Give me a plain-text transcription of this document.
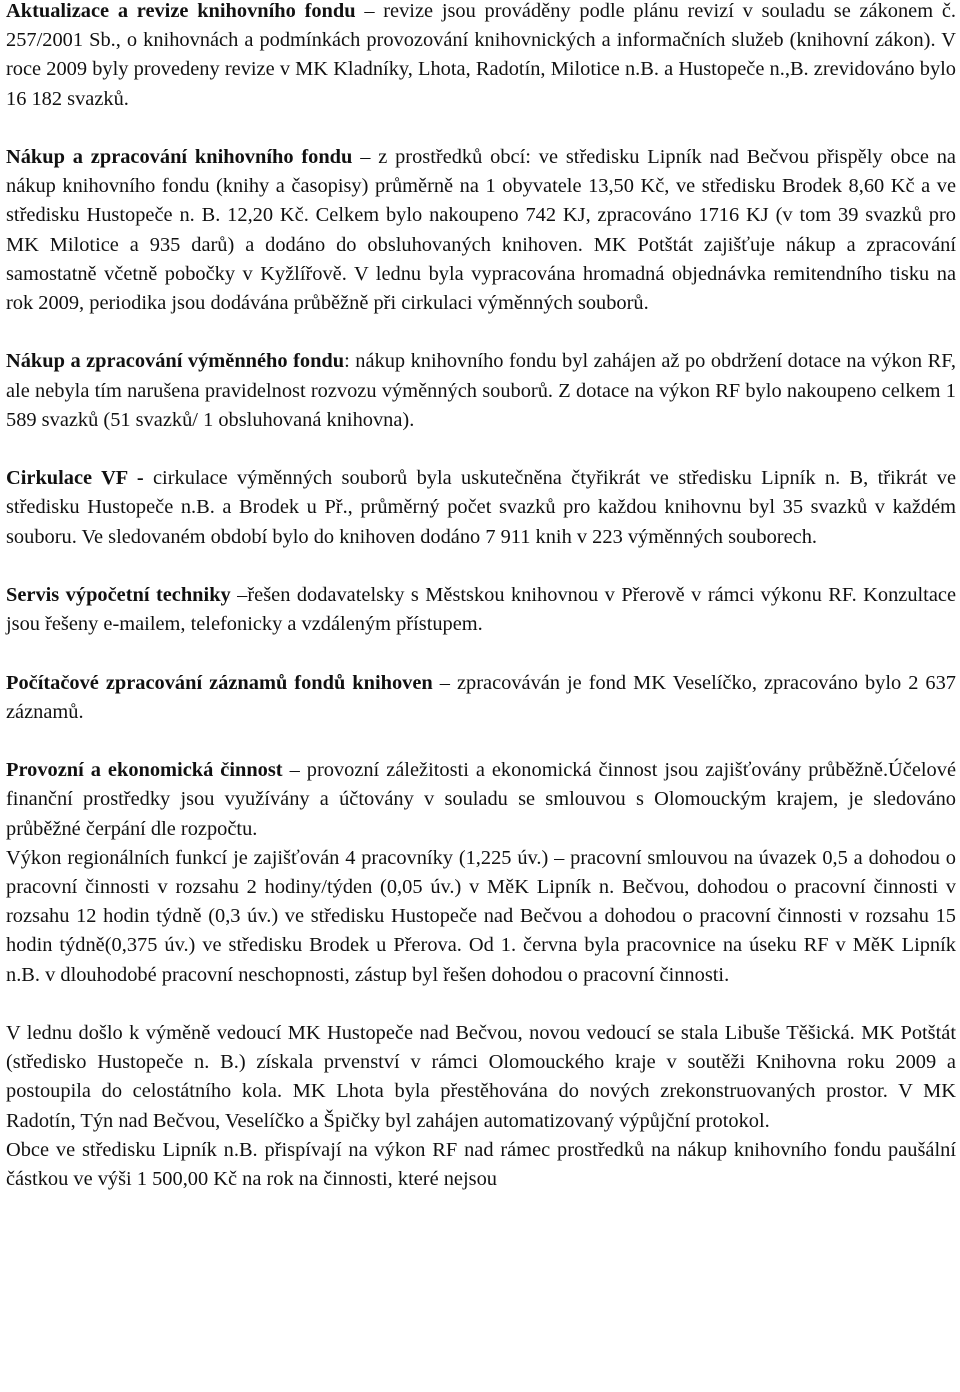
Aktualizace a revize knihovního fondu – revize jsou prováděny podle plánu revizí v souladu se zákonem č. 257/2001 Sb., o knihovnách a podmínkách provozování knihovnických a informačních služeb (knihovní zákon). V roce 2009 byly provedeny revize v MK Kladníky, Lhota, Radotín, Milotice n.B. a Hustopeče n.,B. zrevidováno bylo 16 182 svazků.

Nákup a zpracování knihovního fondu – z prostředků obcí: ve středisku Lipník nad Bečvou přispěly obce na nákup knihovního fondu (knihy a časopisy) průměrně na 1 obyvatele 13,50 Kč, ve středisku Brodek 8,60 Kč a ve středisku Hustopeče n. B. 12,20 Kč. Celkem bylo nakoupeno 742 KJ, zpracováno 1716 KJ (v tom 39 svazků pro MK Milotice a 935 darů) a dodáno do obsluhovaných knihoven. MK Potštát zajišťuje nákup a zpracování samostatně včetně pobočky v Kyžlířově. V lednu byla vypracována hromadná objednávka remitendního tisku na rok 2009, periodika jsou dodávána průběžně při cirkulaci výměnných souborů.

Nákup a zpracování výměnného fondu: nákup knihovního fondu byl zahájen až po obdržení dotace na výkon RF, ale nebyla tím narušena pravidelnost rozvozu výměnných souborů. Z dotace na výkon RF bylo nakoupeno celkem 1 589 svazků (51 svazků/ 1 obsluhovaná knihovna).

Cirkulace VF - cirkulace výměnných souborů byla uskutečněna čtyřikrát ve středisku Lipník n. B, třikrát ve středisku Hustopeče n.B. a Brodek u Př., průměrný počet svazků pro každou knihovnu byl 35 svazků v každém souboru. Ve sledovaném období bylo do knihoven dodáno 7 911 knih v 223 výměnných souborech.

Servis výpočetní techniky –řešen dodavatelsky s Městskou knihovnou v Přerově v rámci výkonu RF. Konzultace jsou řešeny e-mailem, telefonicky a vzdáleným přístupem.

Počítačové zpracování záznamů fondů knihoven – zpracováván je fond MK Veselíčko, zpracováno bylo 2 637 záznamů.

Provozní a ekonomická činnost – provozní záležitosti a ekonomická činnost jsou zajišťovány průběžně.Účelové finanční prostředky jsou využívány a účtovány v souladu se smlouvou s Olomouckým krajem, je sledováno průběžné čerpání dle rozpočtu.

Výkon regionálních funkcí je zajišťován 4 pracovníky (1,225 úv.) – pracovní smlouvou na úvazek 0,5 a dohodou o pracovní činnosti v rozsahu 2 hodiny/týden (0,05 úv.) v MěK Lipník n. Bečvou, dohodou o pracovní činnosti v rozsahu 12 hodin týdně (0,3 úv.) ve středisku Hustopeče nad Bečvou a dohodou o pracovní činnosti v rozsahu 15 hodin týdně(0,375 úv.) ve středisku Brodek u Přerova. Od 1. června byla pracovnice na úseku RF v MěK Lipník n.B. v dlouhodobé pracovní neschopnosti, zástup byl řešen dohodou o pracovní činnosti.

V lednu došlo k výměně vedoucí MK Hustopeče nad Bečvou, novou vedoucí se stala Libuše Těšická. MK Potštát (středisko Hustopeče n. B.) získala prvenství v rámci Olomouckého kraje v soutěži Knihovna roku 2009 a postoupila do celostátního kola. MK Lhota byla přestěhována do nových zrekonstruovaných prostor. V MK Radotín, Týn nad Bečvou, Veselíčko a Špičky byl zahájen automatizovaný výpůjční protokol.

Obce ve středisku Lipník n.B. přispívají na výkon RF nad rámec prostředků na nákup knihovního fondu paušální částkou ve výši 1 500,00 Kč na rok na činnosti, které nejsou
